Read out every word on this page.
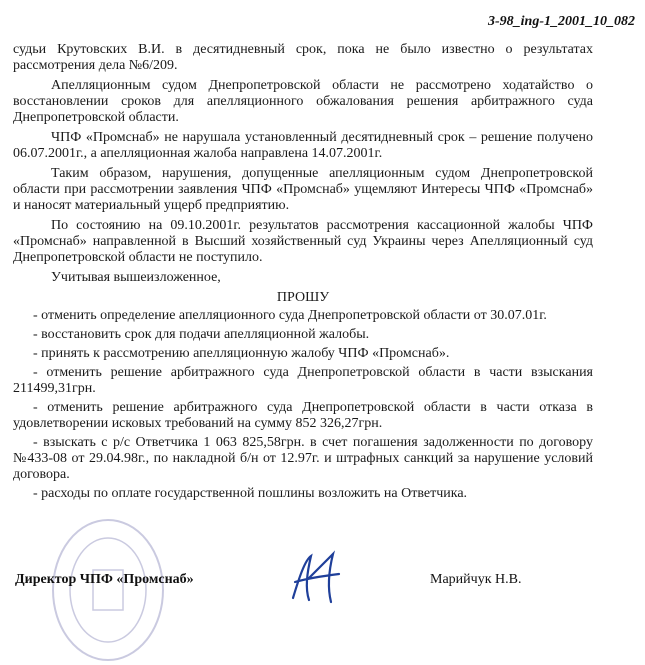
3-98_ing-1_2001_10_082

судьи Крутовских В.И. в десятидневный срок, пока не было известно о результатах рассмотрения дела №6/209.

Апелляционным судом Днепропетровской области не рассмотрено ходатайство о восстановлении сроков для апелляционного обжалования решения арбитражного суда Днепропетровской области.

ЧПФ «Промснаб» не нарушала установленный десятидневный срок – решение получено 06.07.2001г., а апелляционная жалоба направлена 14.07.2001г.

Таким образом, нарушения, допущенные апелляционным судом Днепропетровской области при рассмотрении заявления ЧПФ «Промснаб» ущемляют Интересы ЧПФ «Промснаб» и наносят материальный ущерб предприятию.

По состоянию на 09.10.2001г. результатов рассмотрения кассационной жалобы ЧПФ «Промснаб» направленной в Высший хозяйственный суд Украины через Апелляционный суд Днепропетровской области не поступило.

Учитывая вышеизложенное,

ПРОШУ

- отменить определение апелляционного суда Днепропетровской области от 30.07.01г.

- восстановить срок для подачи апелляционной жалобы.

- принять к рассмотрению апелляционную жалобу ЧПФ «Промснаб».

- отменить решение арбитражного суда Днепропетровской области в части взыскания 211499,31грн.

- отменить решение арбитражного суда Днепропетровской области в части отказа в удовлетворении исковых требований на сумму 852 326,27грн.

- взыскать с р/с Ответчика 1 063 825,58грн. в счет погашения задолженности по договору №433-08 от 29.04.98г., по накладной б/н от 12.97г. и штрафных санкций за нарушение условий договора.

- расходы по оплате государственной пошлины возложить на Ответчика.

Директор ЧПФ «Промснаб»	Марийчук Н.В.
